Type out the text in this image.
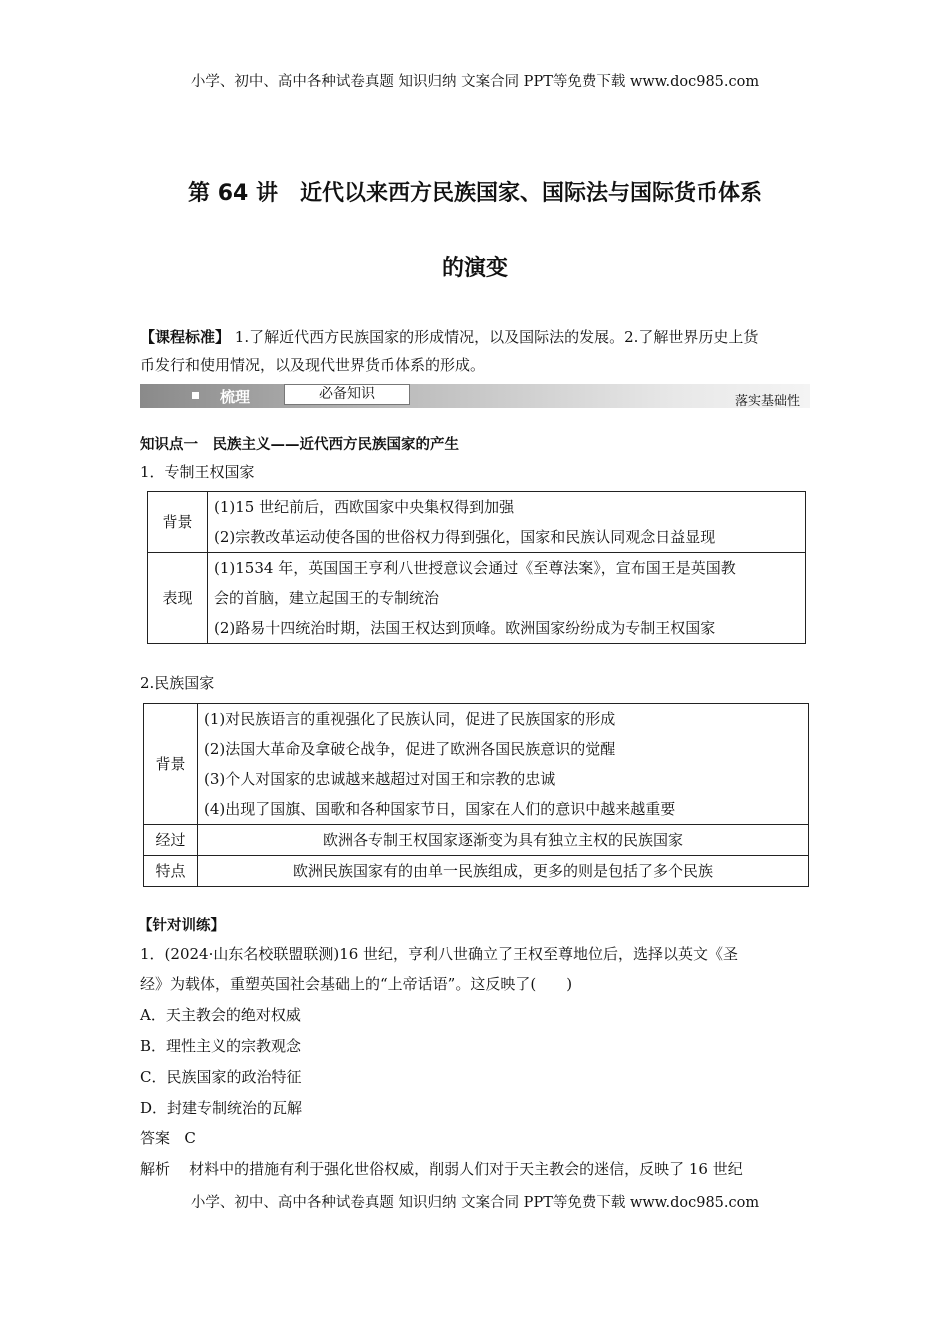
小学、初中、高中各种试卷真题 知识归纳 文案合同 PPT等免费下载 www.doc985.com
第 64 讲　近代以来西方民族国家、国际法与国际货币体系
的演变
【课程标准】 1.了解近代西方民族国家的形成情况，以及国际法的发展。2.了解世界历史上货
币发行和使用情况，以及现代世界货币体系的形成。
梳理	必备知识	落实基础性
知识点一　民族主义——近代西方民族国家的产生
1．专制王权国家
背景	(1)15 世纪前后，西欧国家中央集权得到加强
(2)宗教改革运动使各国的世俗权力得到强化，国家和民族认同观念日益显现

表现	(1)1534 年，英国国王亨利八世授意议会通过《至尊法案》，宣布国王是英国教
会的首脑，建立起国王的专制统治
(2)路易十四统治时期，法国王权达到顶峰。欧洲国家纷纷成为专制王权国家
2.民族国家
背景	(1)对民族语言的重视强化了民族认同，促进了民族国家的形成
(2)法国大革命及拿破仑战争，促进了欧洲各国民族意识的觉醒
(3)个人对国家的忠诚越来越超过对国王和宗教的忠诚
(4)出现了国旗、国歌和各种国家节日，国家在人们的意识中越来越重要

经过	欧洲各专制王权国家逐渐变为具有独立主权的民族国家
特点	欧洲民族国家有的由单一民族组成，更多的则是包括了多个民族
【针对训练】
1．(2024·山东名校联盟联测)16 世纪，亨利八世确立了王权至尊地位后，选择以英文《圣
经》为载体，重塑英国社会基础上的“上帝话语”。这反映了(　　)
A．天主教会的绝对权威
B．理性主义的宗教观念
C．民族国家的政治特征
D．封建专制统治的瓦解
答案 C
解析 材料中的措施有利于强化世俗权威，削弱人们对于天主教会的迷信，反映了 16 世纪
小学、初中、高中各种试卷真题 知识归纳 文案合同 PPT等免费下载 www.doc985.com
